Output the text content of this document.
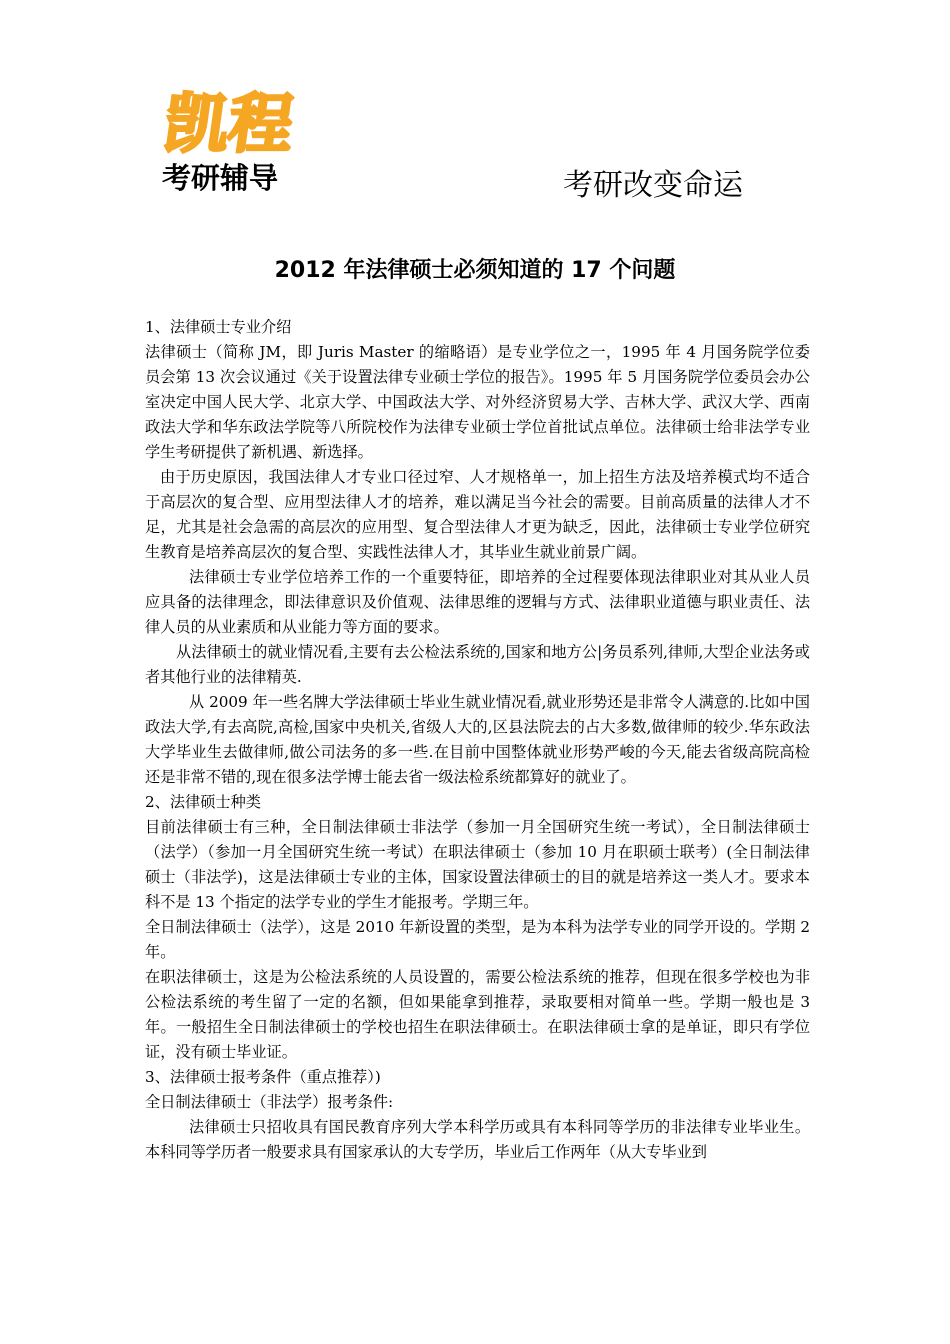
凯程
考研辅导	考研改变命运
2012 年法律硕士必须知道的 17 个问题

1、法律硕士专业介绍

法律硕士（简称 JM，即 Juris Master 的缩略语）是专业学位之一，1995 年 4 月国务院学位委员会第 13 次会议通过《关于设置法律专业硕士学位的报告》。1995 年 5 月国务院学位委员会办公室决定中国人民大学、北京大学、中国政法大学、对外经济贸易大学、吉林大学、武汉大学、西南政法大学和华东政法学院等八所院校作为法律专业硕士学位首批试点单位。法律硕士给非法学专业学生考研提供了新机遇、新选择。

由于历史原因，我国法律人才专业口径过窄、人才规格单一，加上招生方法及培养模式均不适合于高层次的复合型、应用型法律人才的培养，难以满足当今社会的需要。目前高质量的法律人才不足，尤其是社会急需的高层次的应用型、复合型法律人才更为缺乏，因此，法律硕士专业学位研究生教育是培养高层次的复合型、实践性法律人才，其毕业生就业前景广阔。

法律硕士专业学位培养工作的一个重要特征，即培养的全过程要体现法律职业对其从业人员应具备的法律理念，即法律意识及价值观、法律思维的逻辑与方式、法律职业道德与职业责任、法律人员的从业素质和从业能力等方面的要求。

从法律硕士的就业情况看,主要有去公检法系统的,国家和地方公|务员系列,律师,大型企业法务或者其他行业的法律精英.

从 2009 年一些名牌大学法律硕士毕业生就业情况看,就业形势还是非常令人满意的.比如中国政法大学,有去高院,高检,国家中央机关,省级人大的,区县法院去的占大多数,做律师的较少.华东政法大学毕业生去做律师,做公司法务的多一些.在目前中国整体就业形势严峻的今天,能去省级高院高检还是非常不错的,现在很多法学博士能去省一级法检系统都算好的就业了。

2、法律硕士种类

目前法律硕士有三种，全日制法律硕士非法学（参加一月全国研究生统一考试），全日制法律硕士（法学）（参加一月全国研究生统一考试）在职法律硕士（参加 10 月在职硕士联考）(全日制法律硕士（非法学)，这是法律硕士专业的主体，国家设置法律硕士的目的就是培养这一类人才。要求本科不是 13 个指定的法学专业的学生才能报考。学期三年。

全日制法律硕士（法学），这是 2010 年新设置的类型，是为本科为法学专业的同学开设的。学期 2 年。

在职法律硕士，这是为公检法系统的人员设置的，需要公检法系统的推荐，但现在很多学校也为非公检法系统的考生留了一定的名额，但如果能拿到推荐，录取要相对简单一些。学期一般也是 3 年。一般招生全日制法律硕士的学校也招生在职法律硕士。在职法律硕士拿的是单证，即只有学位证，没有硕士毕业证。

3、法律硕士报考条件（重点推荐）)

全日制法律硕士（非法学）报考条件:

法律硕士只招收具有国民教育序列大学本科学历或具有本科同等学历的非法律专业毕业生。本科同等学历者一般要求具有国家承认的大专学历，毕业后工作两年（从大专毕业到
